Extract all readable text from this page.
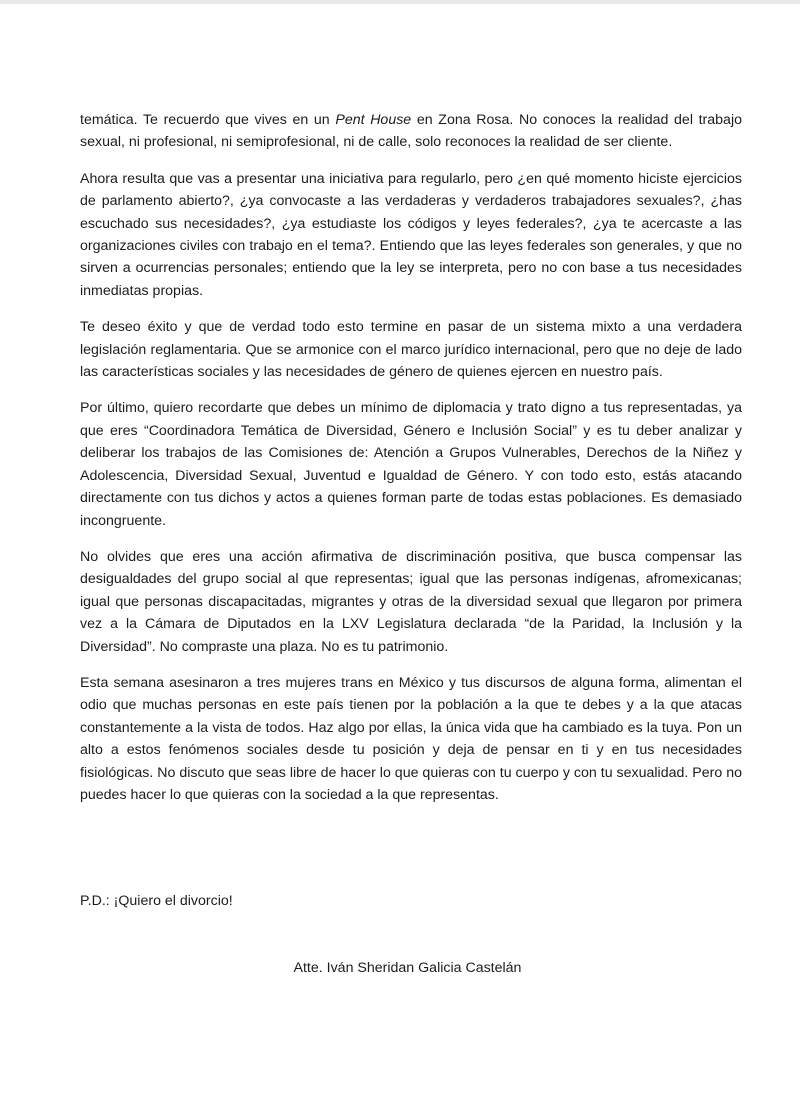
temática. Te recuerdo que vives en un Pent House en Zona Rosa. No conoces la realidad del trabajo sexual, ni profesional, ni semiprofesional, ni de calle, solo reconoces la realidad de ser cliente.

Ahora resulta que vas a presentar una iniciativa para regularlo, pero ¿en qué momento hiciste ejercicios de parlamento abierto?, ¿ya convocaste a las verdaderas y verdaderos trabajadores sexuales?, ¿has escuchado sus necesidades?, ¿ya estudiaste los códigos y leyes federales?, ¿ya te acercaste a las organizaciones civiles con trabajo en el tema?. Entiendo que las leyes federales son generales, y que no sirven a ocurrencias personales; entiendo que la ley se interpreta, pero no con base a tus necesidades inmediatas propias.

Te deseo éxito y que de verdad todo esto termine en pasar de un sistema mixto a una verdadera legislación reglamentaria. Que se armonice con el marco jurídico internacional, pero que no deje de lado las características sociales y las necesidades de género de quienes ejercen en nuestro país.

Por último, quiero recordarte que debes un mínimo de diplomacia y trato digno a tus representadas, ya que eres “Coordinadora Temática de Diversidad, Género e Inclusión Social” y es tu deber analizar y deliberar los trabajos de las Comisiones de: Atención a Grupos Vulnerables, Derechos de la Niñez y Adolescencia, Diversidad Sexual, Juventud e Igualdad de Género. Y con todo esto, estás atacando directamente con tus dichos y actos a quienes forman parte de todas estas poblaciones. Es demasiado incongruente.

No olvides que eres una acción afirmativa de discriminación positiva, que busca compensar las desigualdades del grupo social al que representas; igual que las personas indígenas, afromexicanas; igual que personas discapacitadas, migrantes y otras de la diversidad sexual que llegaron por primera vez a la Cámara de Diputados en la LXV Legislatura declarada “de la Paridad, la Inclusión y la Diversidad”. No compraste una plaza. No es tu patrimonio.

Esta semana asesinaron a tres mujeres trans en México y tus discursos de alguna forma, alimentan el odio que muchas personas en este país tienen por la población a la que te debes y a la que atacas constantemente a la vista de todos. Haz algo por ellas, la única vida que ha cambiado es la tuya. Pon un alto a estos fenómenos sociales desde tu posición y deja de pensar en ti y en tus necesidades fisiológicas. No discuto que seas libre de hacer lo que quieras con tu cuerpo y con tu sexualidad. Pero no puedes hacer lo que quieras con la sociedad a la que representas.

P.D.: ¡Quiero el divorcio!

Atte. Iván Sheridan Galicia Castelán
